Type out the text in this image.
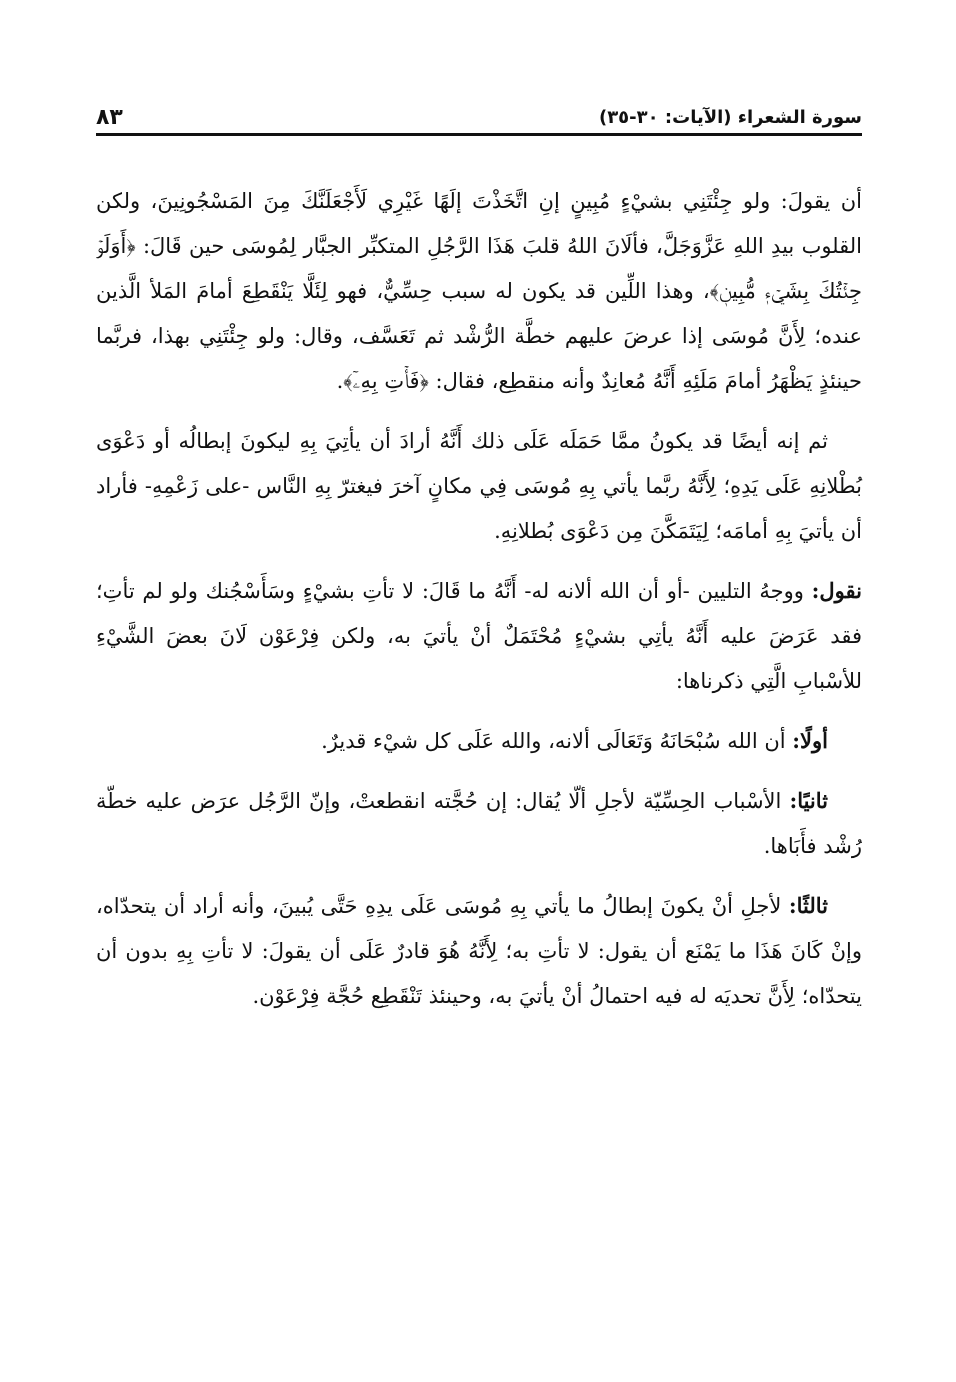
سورة الشعراء (الآيات: ٣٠-٣٥)
٨٣

أن يقولَ: ولو جِئْتَنِي بشيْءٍ مُبِينٍ إنِ اتَّخَذْتَ إلَهًا غَيْرِي لَأَجْعَلَنَّكَ مِنَ المَسْجُونِينَ، ولكن القلوب بيدِ اللهِ عَزَّوَجَلَّ، فألَانَ اللهُ قلبَ هَذَا الرَّجُلِ المتكبِّر الجبَّار لِمُوسَى حين قَالَ: ﴿أَوَلَوۡ جِئۡتُكَ بِشَيۡءٖ مُّبِينٖ﴾، وهذا اللِّين قد يكون له سبب حِسِّيٌّ، فهو لِئَلَّا يَنْقَطِعَ أمامَ المَلأ الَّذين عنده؛ لِأَنَّ مُوسَى إذا عرضَ عليهم خطَّة الرُّشْد ثم تَعَسَّف، وقال: ولو جِئْتَنِي بهذا، فربَّما حينئذٍ يَظْهَرُ أمامَ مَلَئِهِ أَنَّهُ مُعانِدٌ وأنه منقطِع، فقال: ﴿فَأۡتِ بِهِۦٓ﴾.

ثم إنه أيضًا قد يكونُ ممَّا حَمَلَه عَلَى ذلك أَنَّهُ أرادَ أن يأتِيَ بِهِ ليكونَ إبطالُه أو دَعْوَى بُطْلانِهِ عَلَى يَدِهِ؛ لِأَنَّهُ ربَّما يأتي بِهِ مُوسَى فِي مكانٍ آخرَ فيغترّ بِهِ النَّاس -على زَعْمِهِ- فأراد أن يأتيَ بِهِ أمامَه؛ لِيَتَمَكَّنَ مِن دَعْوَى بُطلانِهِ.

نقول: ووجهُ التليين -أو أن الله ألانه له- أَنَّهُ ما قَالَ: لا تأتِ بشيْءٍ وسَأَسْجُنك ولو لم تأتِ؛ فقد عَرَضَ عليه أَنَّهُ يأتِي بشيْءٍ مُحْتَمَلٌ أنْ يأتيَ به، ولكن فِرْعَوْن لَانَ بعضَ الشَّيْءِ للأسْبابِ الَّتِي ذكرناها:

أولًا: أن الله سُبْحَانَهُ وَتَعَالَى ألانه، والله عَلَى كل شيْء قديرٌ.

ثانيًا: الأسْباب الحِسِّيّة لأجلِ ألّا يُقال: إن حُجَّته انقطعتْ، وإنّ الرَّجُل عرَض عليه خطّة رُشْد فأَبَاها.

ثالثًا: لأجلِ أنْ يكونَ إبطالُ ما يأتي بِهِ مُوسَى عَلَى يدِهِ حَتَّى يُبينَ، وأنه أراد أن يتحدّاه، وإنْ كَانَ هَذَا ما يَمْنَع أن يقول: لا تأتِ به؛ لِأَنَّهُ هُوَ قادرٌ عَلَى أن يقولَ: لا تأتِ بِهِ بدون أن يتحدّاه؛ لِأَنَّ تحديَه له فيه احتمالُ أنْ يأتيَ به، وحينئذ تَنْقَطِع حُجَّة فِرْعَوْن.
